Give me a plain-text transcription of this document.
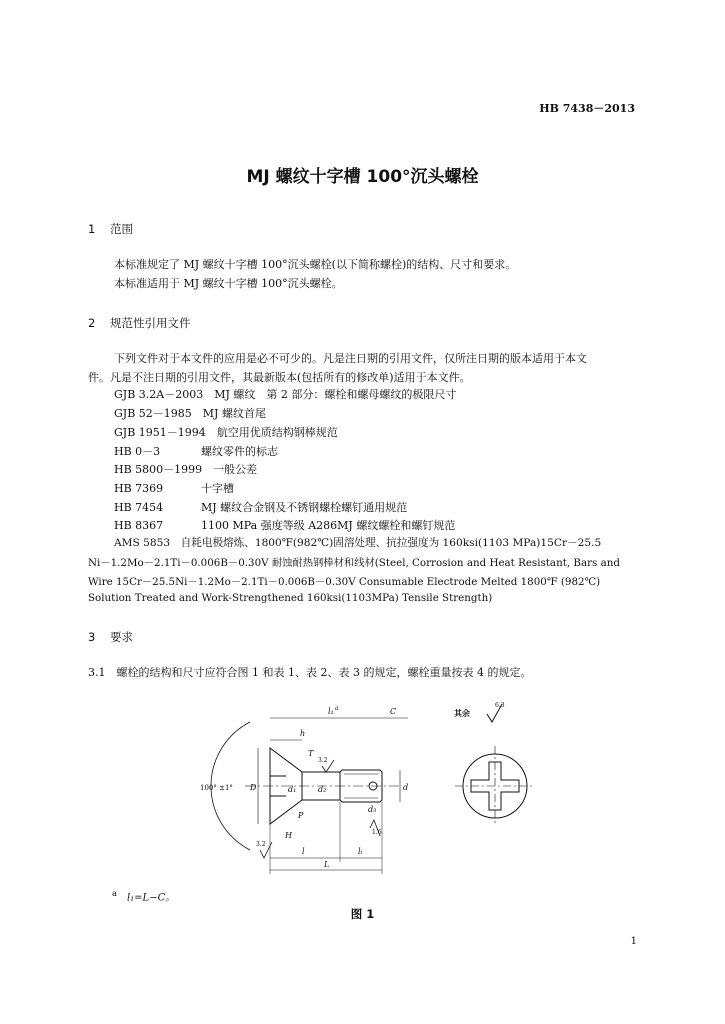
HB 7438－2013
MJ 螺纹十字槽 100°沉头螺栓
1 范围
本标准规定了 MJ 螺纹十字槽 100°沉头螺栓(以下简称螺栓)的结构、尺寸和要求。
本标准适用于 MJ 螺纹十字槽 100°沉头螺栓。
2 规范性引用文件
下列文件对于本文件的应用是必不可少的。凡是注日期的引用文件，仅所注日期的版本适用于本文
件。凡是不注日期的引用文件，其最新版本(包括所有的修改单)适用于本文件。
GJB 3.2A－2003　 MJ 螺纹　第 2 部分：螺栓和螺母螺纹的极限尺寸
GJB 52－1985　 MJ 螺纹首尾
GJB 1951－1994　 航空用优质结构钢棒规范
HB 0－3　	螺纹零件的标志
HB 5800－1999　 一般公差
HB 7369　	十字槽
HB 7454　	MJ 螺纹合金钢及不锈钢螺栓螺钉通用规范
HB 8367　	1100 MPa 强度等级 A286MJ 螺纹螺栓和螺钉规范
AMS 5853　自耗电极熔炼、1800℉(982℃)固溶处理、抗拉强度为 160ksi(1103 MPa)15Cr－25.5
Ni－1.2Mo－2.1Ti－0.006B－0.30V 耐蚀耐热钢棒材和线材(Steel, Corrosion and Heat Resistant, Bars and
Wire 15Cr－25.5Ni－1.2Mo－2.1Ti－0.006B－0.30V Consumable Electrode Melted 1800℉ (982℃)
Solution Treated and Work-Strengthened 160ksi(1103MPa) Tensile Strength)
3 要求
3.1　 螺栓的结构和尺寸应符合图 1 和表 1、表 2、表 3 的规定，螺栓重量按表 4 的规定。
l₁ a	C
h
T
D	d₁	d₂	d
d₃
P
H
l	lₜ
L
100° ±1°
其余
6.3
3.2
1.6
3.2
$^a$　 l₁=L−C。
图 1
1
